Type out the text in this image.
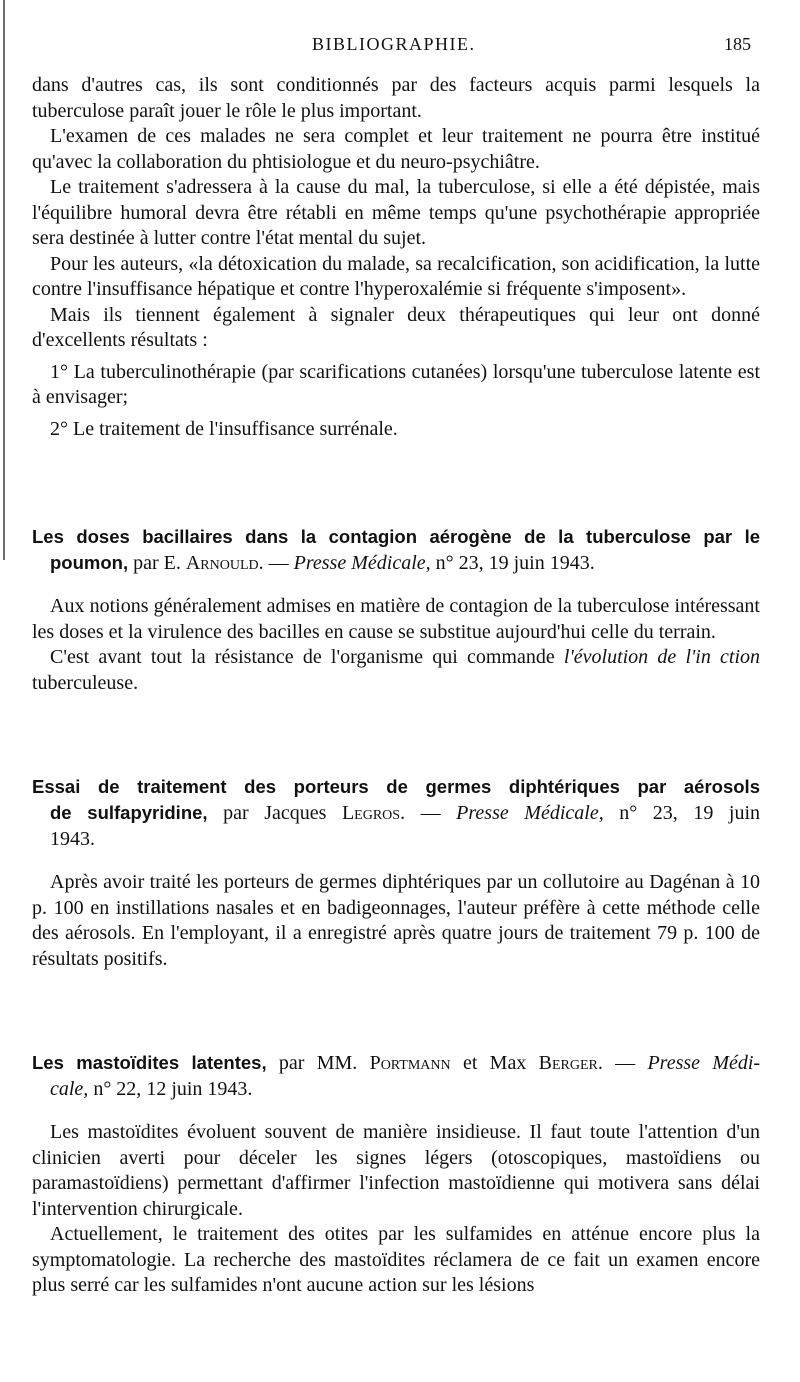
BIBLIOGRAPHIE.	185

dans d'autres cas, ils sont conditionnés par des facteurs acquis parmi lesquels la tuberculose paraît jouer le rôle le plus important.

L'examen de ces malades ne sera complet et leur traitement ne pourra être institué qu'avec la collaboration du phtisiologue et du neuro-psychiâtre.

Le traitement s'adressera à la cause du mal, la tuberculose, si elle a été dépistée, mais l'équilibre humoral devra être rétabli en même temps qu'une psychothérapie appropriée sera destinée à lutter contre l'état mental du sujet.

Pour les auteurs, «la détoxication du malade, sa recalcification, son acidification, la lutte contre l'insuffisance hépatique et contre l'hyperoxalémie si fréquente s'imposent».

Mais ils tiennent également à signaler deux thérapeutiques qui leur ont donné d'excellents résultats :

1° La tuberculinothérapie (par scarifications cutanées) lorsqu'une tuberculose latente est à envisager;

2° Le traitement de l'insuffisance surrénale.

Les doses bacillaires dans la contagion aérogène de la tuberculose par le
poumon, par E. Arnould. — Presse Médicale, n° 23, 19 juin 1943.

Aux notions généralement admises en matière de contagion de la tuberculose intéressant les doses et la virulence des bacilles en cause se substitue aujourd'hui celle du terrain.

C'est avant tout la résistance de l'organisme qui commande l'évolution de l'in ction tuberculeuse.

Essai de traitement des porteurs de germes diphtériques par aérosols
de sulfapyridine, par Jacques Legros. — Presse Médicale, n° 23, 19 juin
1943.

Après avoir traité les porteurs de germes diphtériques par un collutoire au Dagénan à 10 p. 100 en instillations nasales et en badigeonnages, l'auteur préfère à cette méthode celle des aérosols. En l'employant, il a enregistré après quatre jours de traitement 79 p. 100 de résultats positifs.

Les mastoïdites latentes, par MM. Portmann et Max Berger. — Presse Médi-
cale, n° 22, 12 juin 1943.

Les mastoïdites évoluent souvent de manière insidieuse. Il faut toute l'attention d'un clinicien averti pour déceler les signes légers (otoscopiques, mastoïdiens ou paramastoïdiens) permettant d'affirmer l'infection mastoïdienne qui motivera sans délai l'intervention chirurgicale.

Actuellement, le traitement des otites par les sulfamides en atténue encore plus la symptomatologie. La recherche des mastoïdites réclamera de ce fait un examen encore plus serré car les sulfamides n'ont aucune action sur les lésions
